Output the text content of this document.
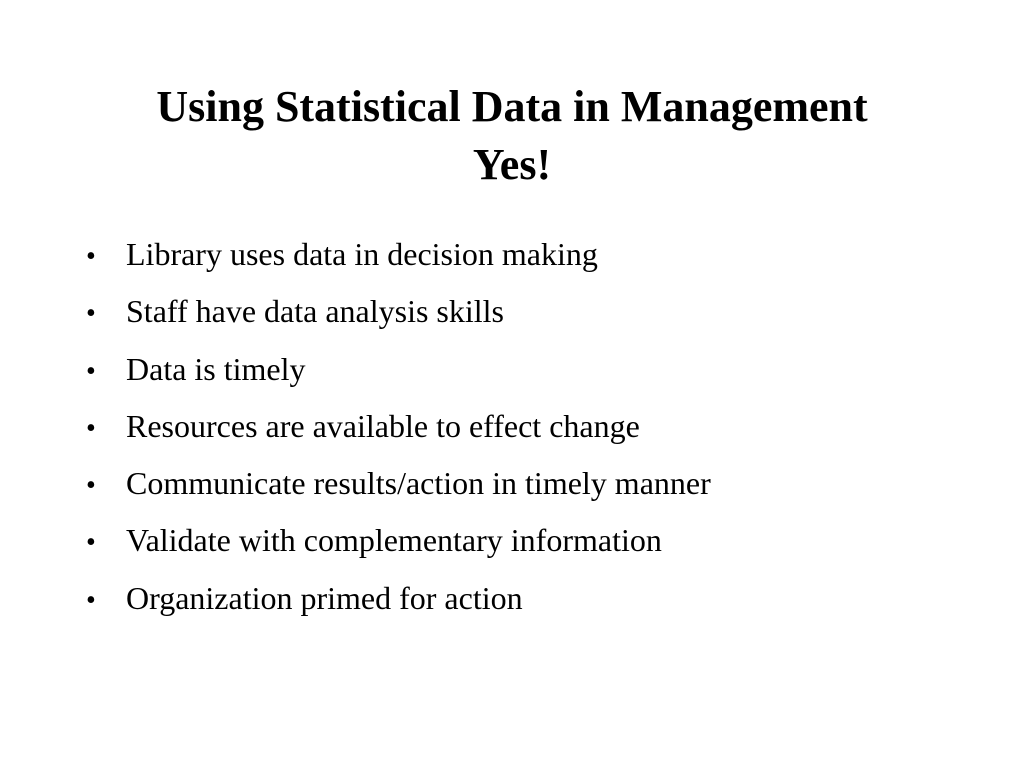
Using Statistical Data in Management
Yes!
• Library uses data in decision making
• Staff have data analysis skills
• Data is timely
• Resources are available to effect change
• Communicate results/action in timely manner
• Validate with complementary information
• Organization primed for action
